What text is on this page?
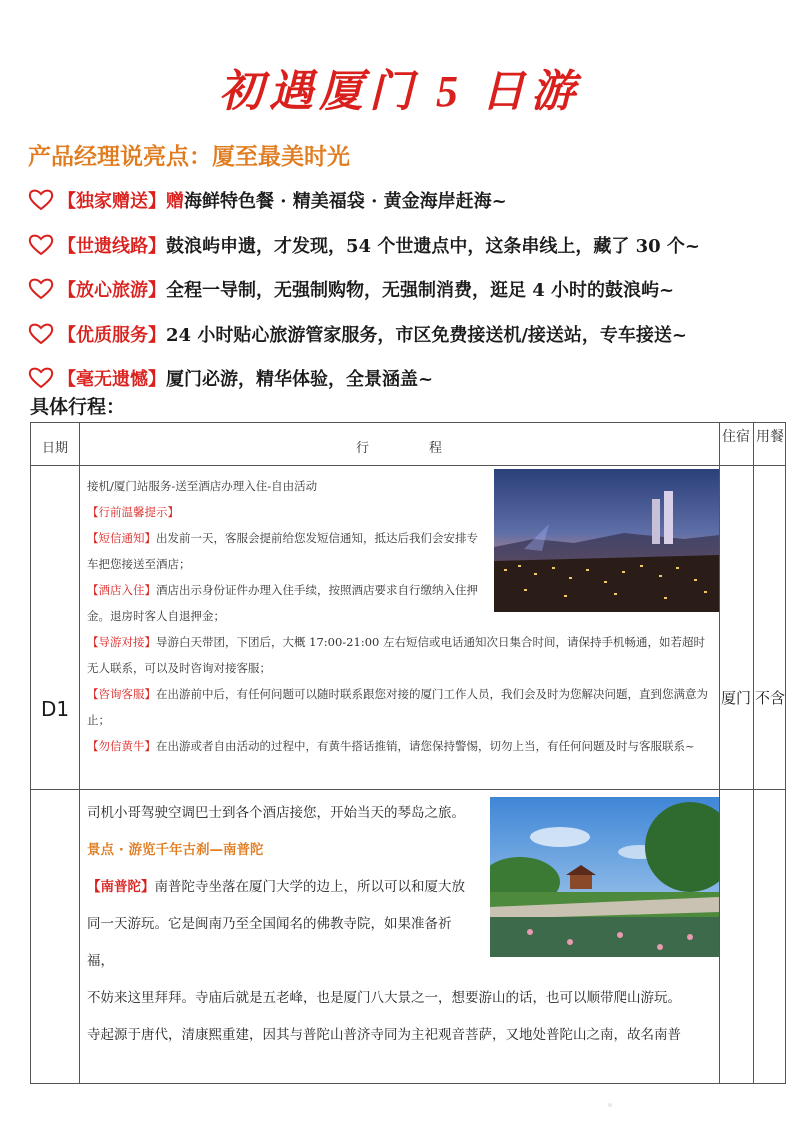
初遇厦门 5 日游
产品经理说亮点：厦至最美时光
【独家赠送】 赠 海鲜特色餐 · 精美福袋 · 黄金海岸赶海~
【世遗线路】 鼓浪屿申遗，才发现，54 个世遗点中，这条串线上，藏了 30 个~
【放心旅游】 全程一导制，无强制购物，无强制消费，逛足 4 小时的鼓浪屿~
【优质服务】 24 小时贴心旅游管家服务，市区免费接送机/接送站，专车接送~
【毫无遗憾】 厦门必游，精华体验，全景涵盖~
具体行程：
日期	行程
住宿 用餐
D1	厦门 不含

接机/厦门站服务-送至酒店办理入住-自由活动

【行前温馨提示】

【短信通知】出发前一天，客服会提前给您发短信通知，抵达后我们会安排专车把您接送至酒店；

【酒店入住】酒店出示身份证件办理入住手续，按照酒店要求自行缴纳入住押金。退房时客人自退押金；

【导游对接】导游白天带团，下团后，大概 17:00-21:00 左右短信或电话通知次日集合时间，请保持手机畅通，如若超时无人联系，可以及时咨询对接客服；

【咨询客服】在出游前中后，有任何问题可以随时联系跟您对接的厦门工作人员，我们会及时为您解决问题，直到您满意为止；

【勿信黄牛】在出游或者自由活动的过程中，有黄牛搭话推销，请您保持警惕，切勿上当，有任何问题及时与客服联系~

司机小哥驾驶空调巴士到各个酒店接您，开始当天的琴岛之旅。

景点 · 游览千年古刹—南普陀

【南普陀】南普陀寺坐落在厦门大学的边上，所以可以和厦大放

同一天游玩。它是闽南乃至全国闻名的佛教寺院，如果准备祈福，

不妨来这里拜拜。寺庙后就是五老峰，也是厦门八大景之一，想要游山的话，也可以顺带爬山游玩。

寺起源于唐代，清康熙重建，因其与普陀山普济寺同为主祀观音菩萨，又地处普陀山之南，故名南普

ᵘ
